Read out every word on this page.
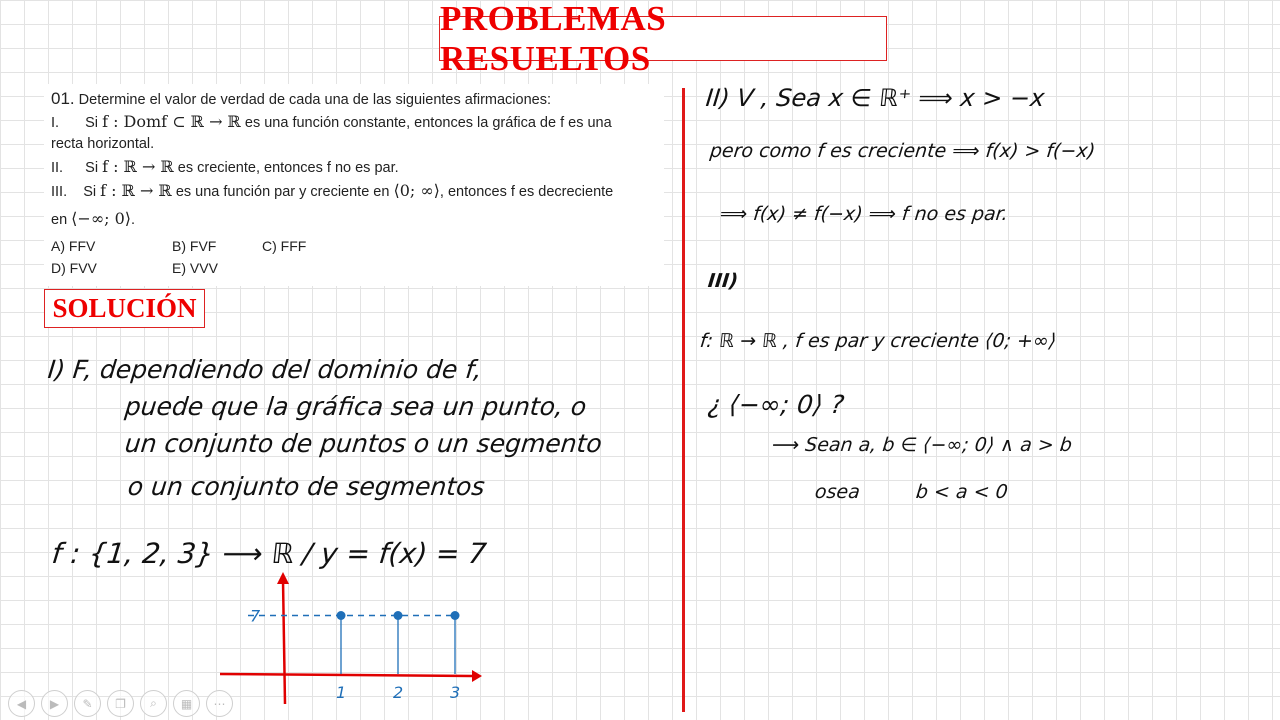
PROBLEMAS RESUELTOS
01. Determine el valor de verdad de cada una de las siguientes afirmaciones:
I. Si f : Domf ⊂ ℝ → ℝ es una función constante, entonces la gráfica de f es una
recta horizontal.
II. Si f : ℝ → ℝ es creciente, entonces f no es par.
III. Si f : ℝ → ℝ es una función par y creciente en ⟨0; ∞⟩, entonces f es decreciente
en ⟨−∞; 0⟩.
A) FFV	B) FVF	C) FFF
D) FVV	E) VVV
SOLUCIÓN
I) F, dependiendo del dominio de f,
puede que la gráfica sea un punto, o
un conjunto de puntos o un segmento
o un conjunto de segmentos
f : {1, 2, 3} ⟶ ℝ / y = f(x) = 7
7
1	2	3
II) V , Sea x ∈ ℝ⁺ ⟹ x > −x
pero como f es creciente ⟹ f(x) > f(−x)
⟹ f(x) ≠ f(−x) ⟹ f no es par.
III)
f: ℝ → ℝ , f es par y creciente ⟨0; +∞⟩
¿ ⟨−∞; 0⟩ ?
⟶ Sean a, b ∈ ⟨−∞; 0⟩ ∧ a > b
osea	b < a < 0
◀	▶	✎	❐	⌕	▦	⋯
